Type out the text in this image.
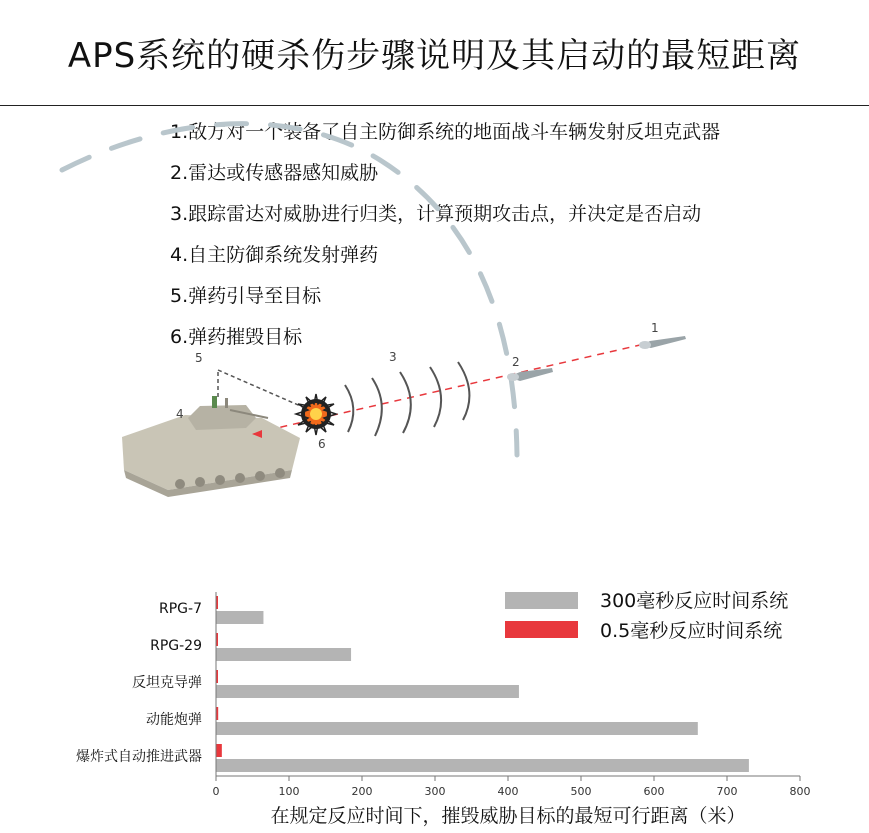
APS系统的硬杀伤步骤说明及其启动的最短距离
1.敌方对一个装备了自主防御系统的地面战斗车辆发射反坦克武器
2.雷达或传感器感知威胁
3.跟踪雷达对威胁进行归类，计算预期攻击点，并决定是否启动
4.自主防御系统发射弹药
5.弹药引导至目标
6.弹药摧毁目标	1
2
3
4
5
6
RPG-7
RPG-29
反坦克导弹
动能炮弹
爆炸式自动推进武器
0	100	200	300	400	500	600	700	800
300毫秒反应时间系统
0.5毫秒反应时间系统
在规定反应时间下，摧毁威胁目标的最短可行距离（米）
